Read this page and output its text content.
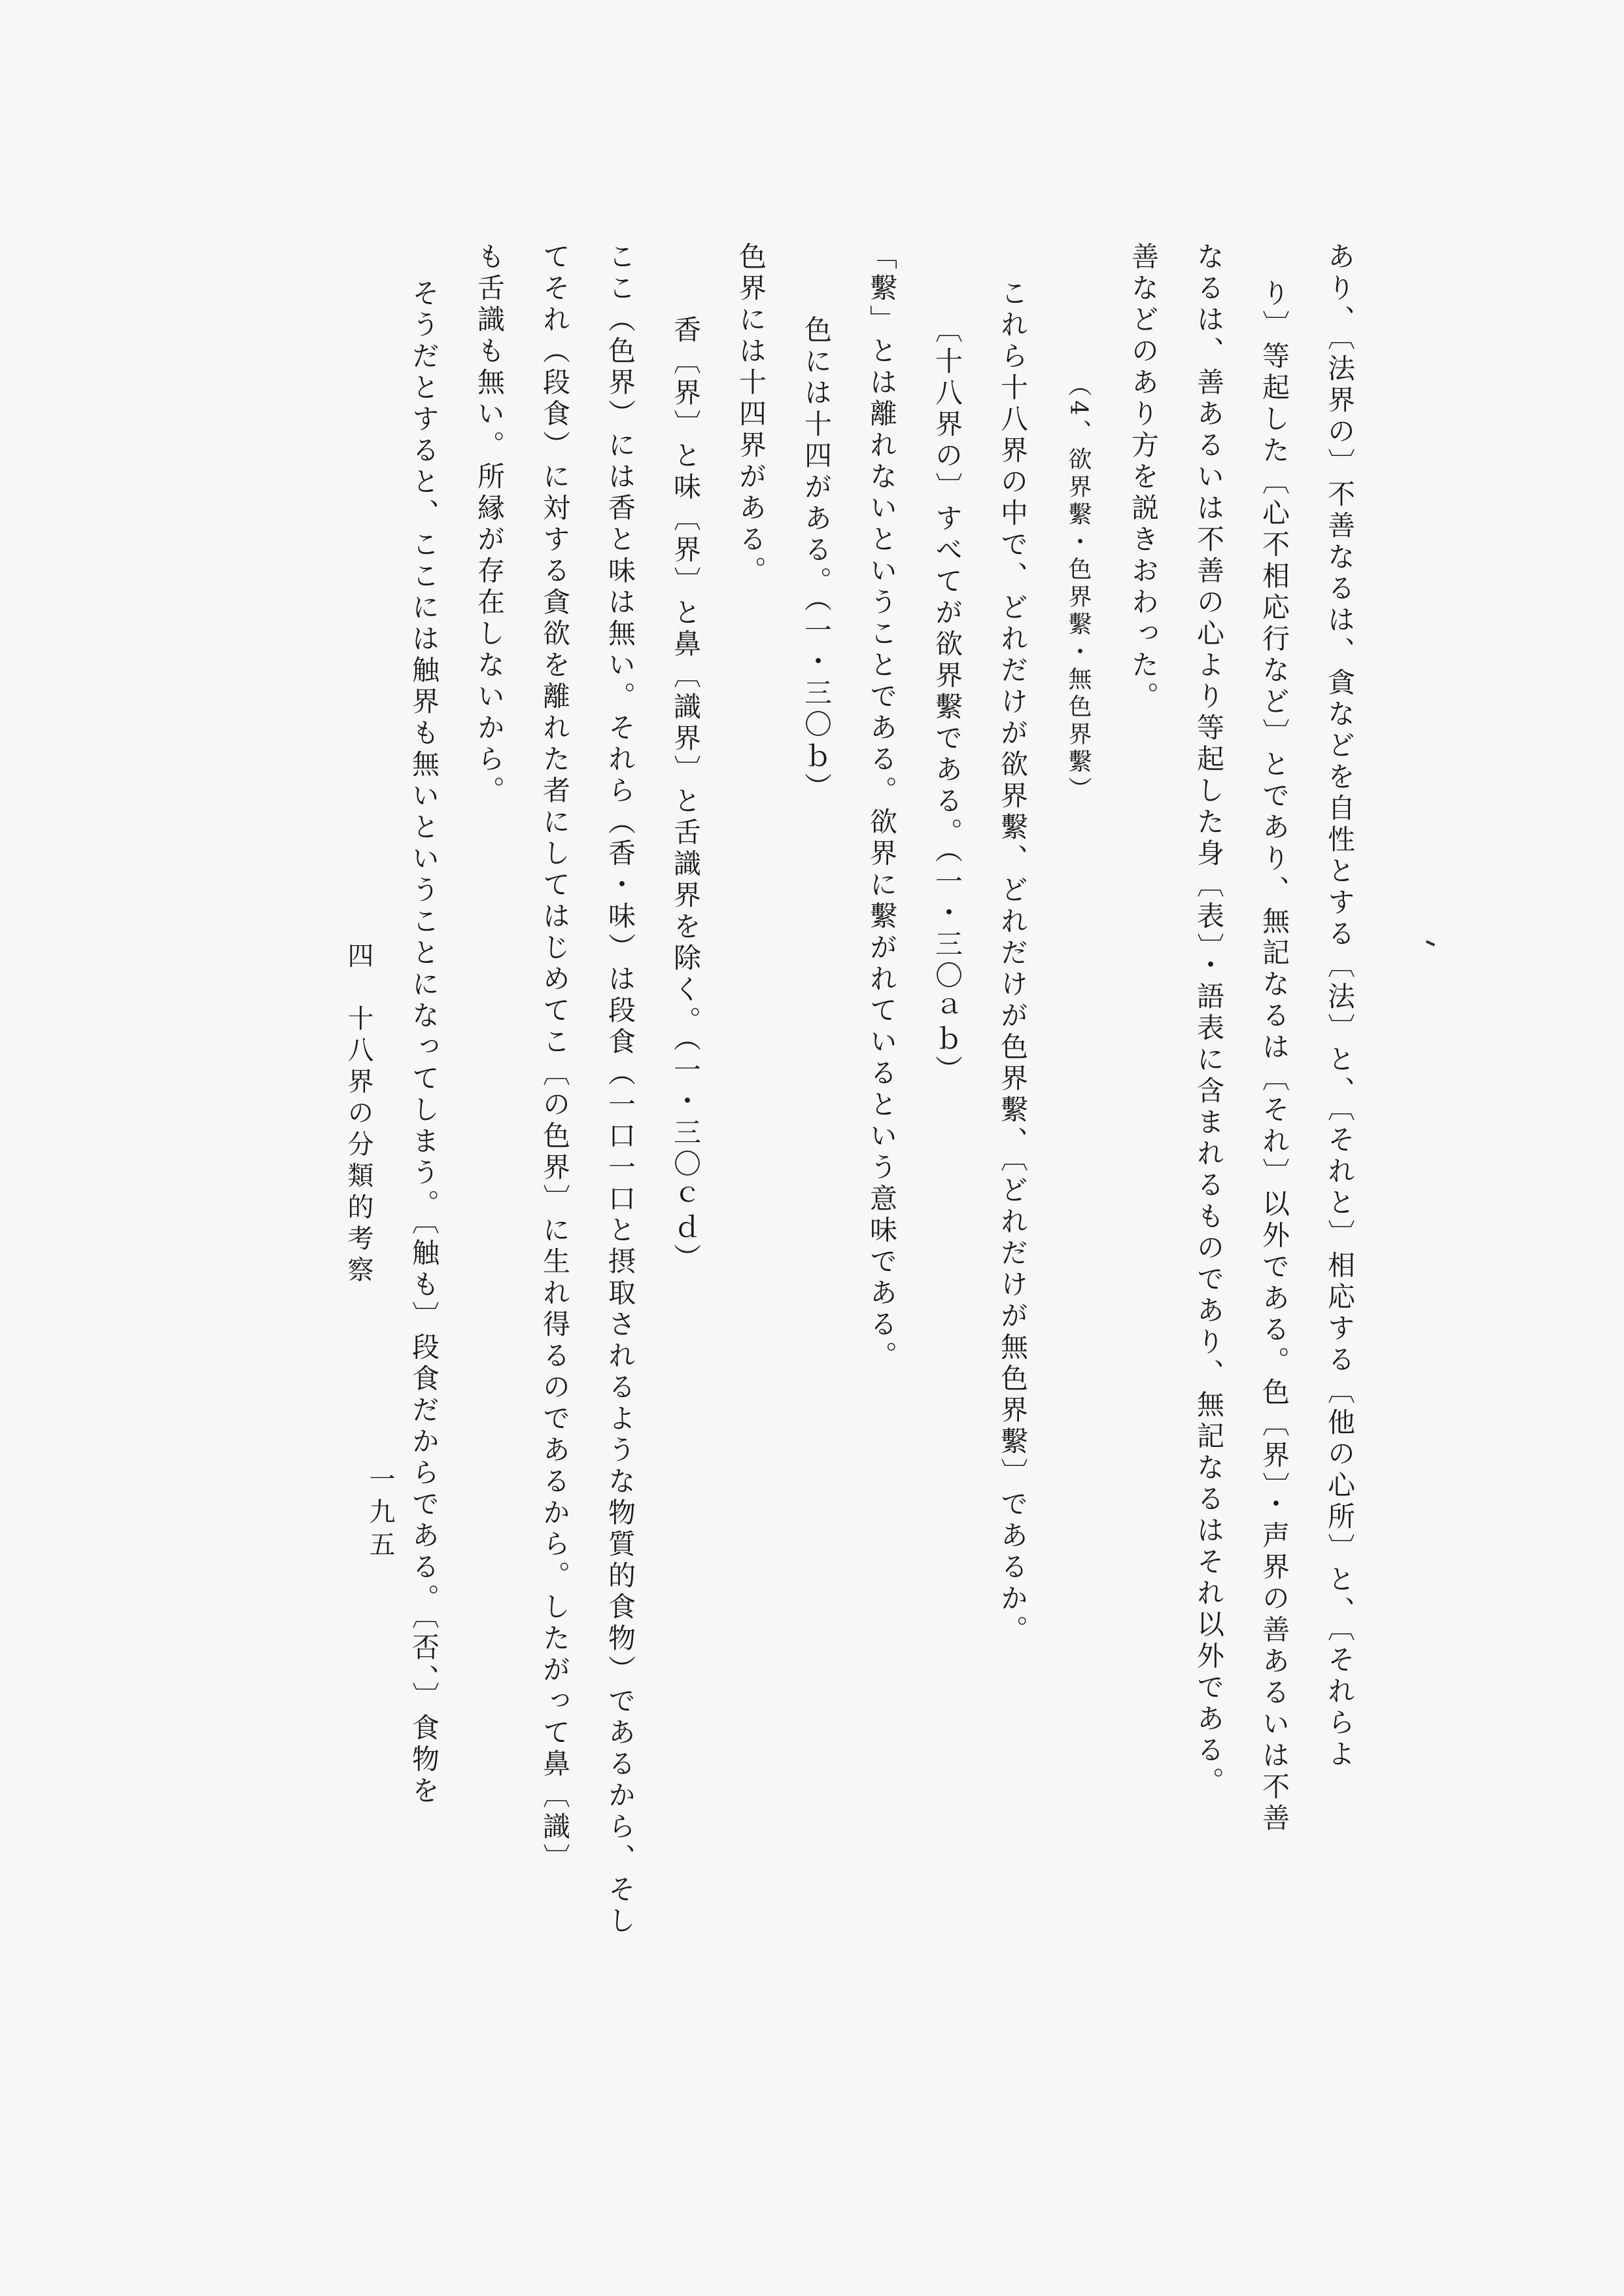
あり、〔法界の〕不善なるは、貪などを自性とする〔法〕と、〔それと〕相応する〔他の心所〕と、〔それらよ
り〕等起した〔心不相応行など〕とであり、無記なるは〔それ〕以外である。色〔界〕・声界の善あるいは不善
なるは、善あるいは不善の心より等起した身〔表〕・語表に含まれるものであり、無記なるはそれ以外である。
善などのあり方を説きおわった。
（4、欲界繫・色界繫・無色界繫）
これら十八界の中で、どれだけが欲界繫、どれだけが色界繫、〔どれだけが無色界繫〕であるか。
〔十八界の〕すべてが欲界繫である。（一・三〇ａｂ）
「繫」とは離れないということである。欲界に繫がれているという意味である。
色には十四がある。（一・三〇ｂ）
色界には十四界がある。
香〔界〕と味〔界〕と鼻〔識界〕と舌識界を除く。（一・三〇ｃｄ）
ここ（色界）には香と味は無い。それら（香・味）は段食（一口一口と摂取されるような物質的食物）であるから、そし
てそれ（段食）に対する貪欲を離れた者にしてはじめてこ〔の色界〕に生れ得るのであるから。したがって鼻〔識〕
も舌識も無い。所縁が存在しないから。
そうだとすると、ここには触界も無いということになってしまう。〔触も〕段食だからである。〔否、〕食物を
四　十八界の分類的考察
一九五
